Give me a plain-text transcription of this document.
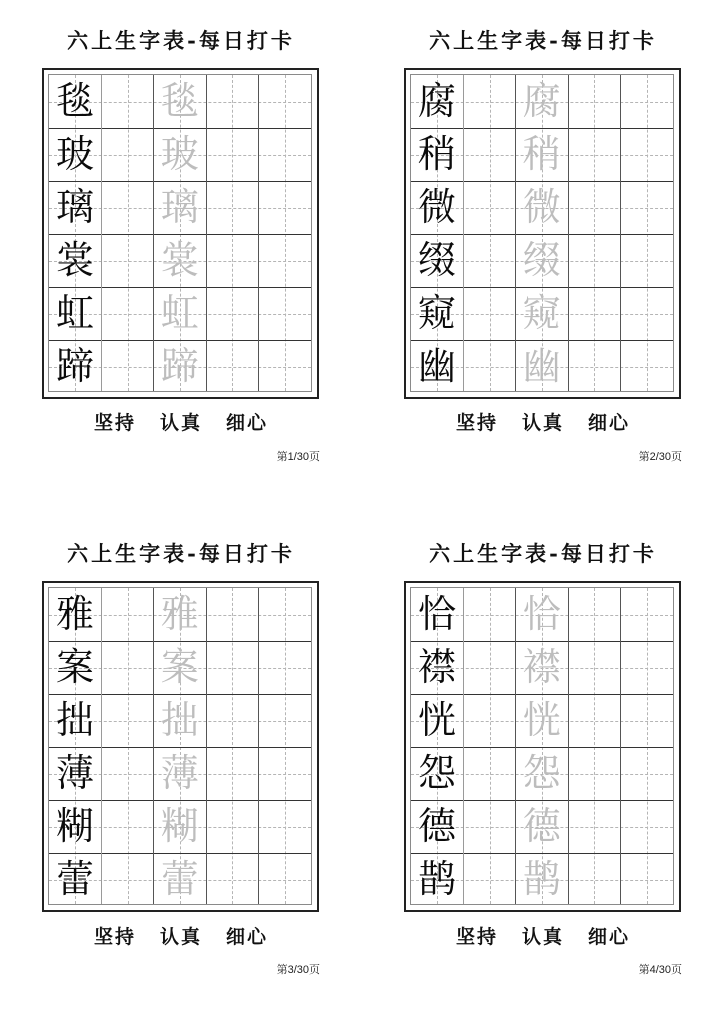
六上生字表-每日打卡
毯 毯
玻 玻
璃 璃
裳 裳
虹 虹
蹄 蹄
坚持 认真 细心
第1/30页
六上生字表-每日打卡
腐 腐
稍 稍
微 微
缀 缀
窥 窥
幽 幽
坚持 认真 细心
第2/30页
六上生字表-每日打卡
雅 雅
案 案
拙 拙
薄 薄
糊 糊
蕾 蕾
坚持 认真 细心
第3/30页
六上生字表-每日打卡
恰 恰
襟 襟
恍 恍
怨 怨
德 德
鹊 鹊
坚持 认真 细心
第4/30页
